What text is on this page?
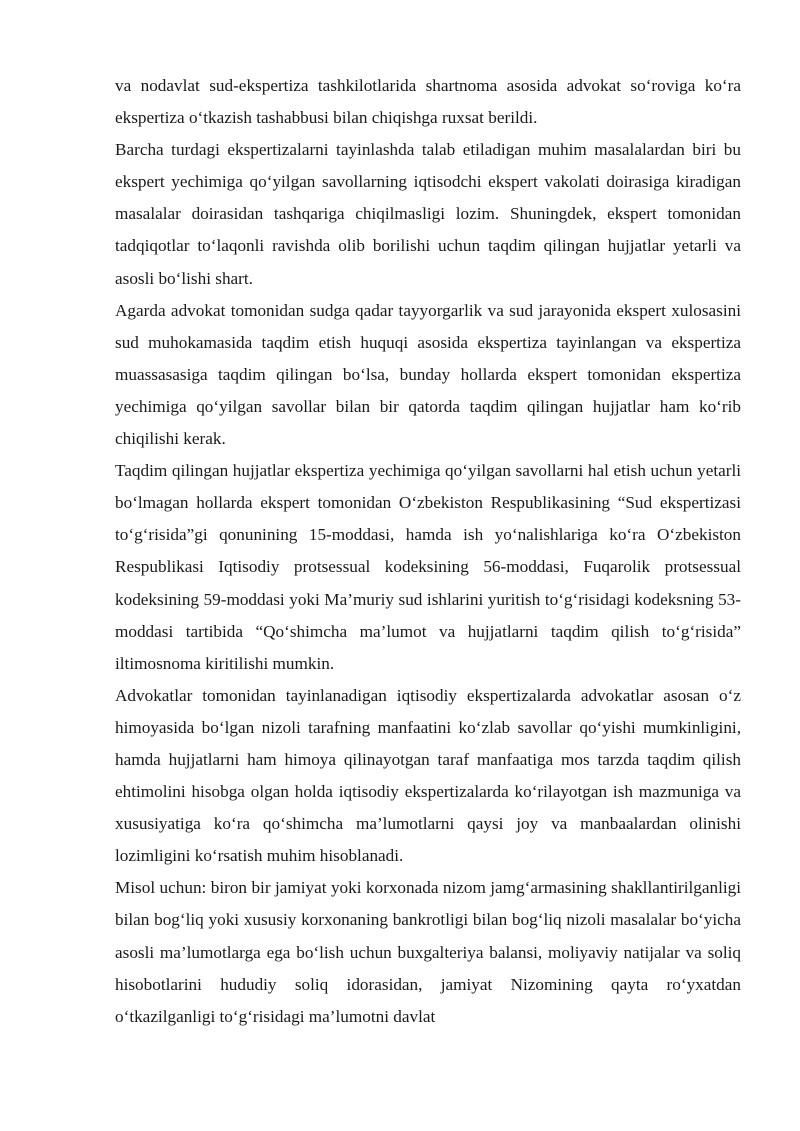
va nodavlat sud-ekspertiza tashkilotlarida shartnoma asosida advokat so‘roviga ko‘ra ekspertiza o‘tkazish tashabbusi bilan chiqishga ruxsat berildi.

Barcha turdagi ekspertizalarni tayinlashda talab etiladigan muhim masalalardan biri bu ekspert yechimiga qo‘yilgan savollarning iqtisodchi ekspert vakolati doirasiga kiradigan masalalar doirasidan tashqariga chiqilmasligi lozim. Shuningdek, ekspert tomonidan tadqiqotlar to‘laqonli ravishda olib borilishi uchun taqdim qilingan hujjatlar yetarli va asosli bo‘lishi shart.

Agarda advokat tomonidan sudga qadar tayyorgarlik va sud jarayonida ekspert xulosasini sud muhokamasida taqdim etish huquqi asosida ekspertiza tayinlangan va ekspertiza muassasasiga taqdim qilingan bo‘lsa, bunday hollarda ekspert tomonidan ekspertiza yechimiga qo‘yilgan savollar bilan bir qatorda taqdim qilingan hujjatlar ham ko‘rib chiqilishi kerak.

Taqdim qilingan hujjatlar ekspertiza yechimiga qo‘yilgan savollarni hal etish uchun yetarli bo‘lmagan hollarda ekspert tomonidan O‘zbekiston Respublikasining “Sud ekspertizasi to‘g‘risida”gi qonunining 15-moddasi, hamda ish yo‘nalishlariga ko‘ra O‘zbekiston Respublikasi Iqtisodiy protsessual kodeksining 56-moddasi, Fuqarolik protsessual kodeksining 59-moddasi yoki Ma’muriy sud ishlarini yuritish to‘g‘risidagi kodeksning 53-moddasi tartibida “Qo‘shimcha ma’lumot va hujjatlarni taqdim qilish to‘g‘risida” iltimosnoma kiritilishi mumkin.

Advokatlar tomonidan tayinlanadigan iqtisodiy ekspertizalarda advokatlar asosan o‘z himoyasida bo‘lgan nizoli tarafning manfaatini ko‘zlab savollar qo‘yishi mumkinligini, hamda hujjatlarni ham himoya qilinayotgan taraf manfaatiga mos tarzda taqdim qilish ehtimolini hisobga olgan holda iqtisodiy ekspertizalarda ko‘rilayotgan ish mazmuniga va xususiyatiga ko‘ra qo‘shimcha ma’lumotlarni qaysi joy va manbaalardan olinishi lozimligini ko‘rsatish muhim hisoblanadi.

Misol uchun: biron bir jamiyat yoki korxonada nizom jamg‘armasining shakllantirilganligi bilan bog‘liq yoki xususiy korxonaning bankrotligi bilan bog‘liq nizoli masalalar bo‘yicha asosli ma’lumotlarga ega bo‘lish uchun buxgalteriya balansi, moliyaviy natijalar va soliq hisobotlarini hududiy soliq idorasidan, jamiyat Nizomining qayta ro‘yxatdan o‘tkazilganligi to‘g‘risidagi ma’lumotni davlat
